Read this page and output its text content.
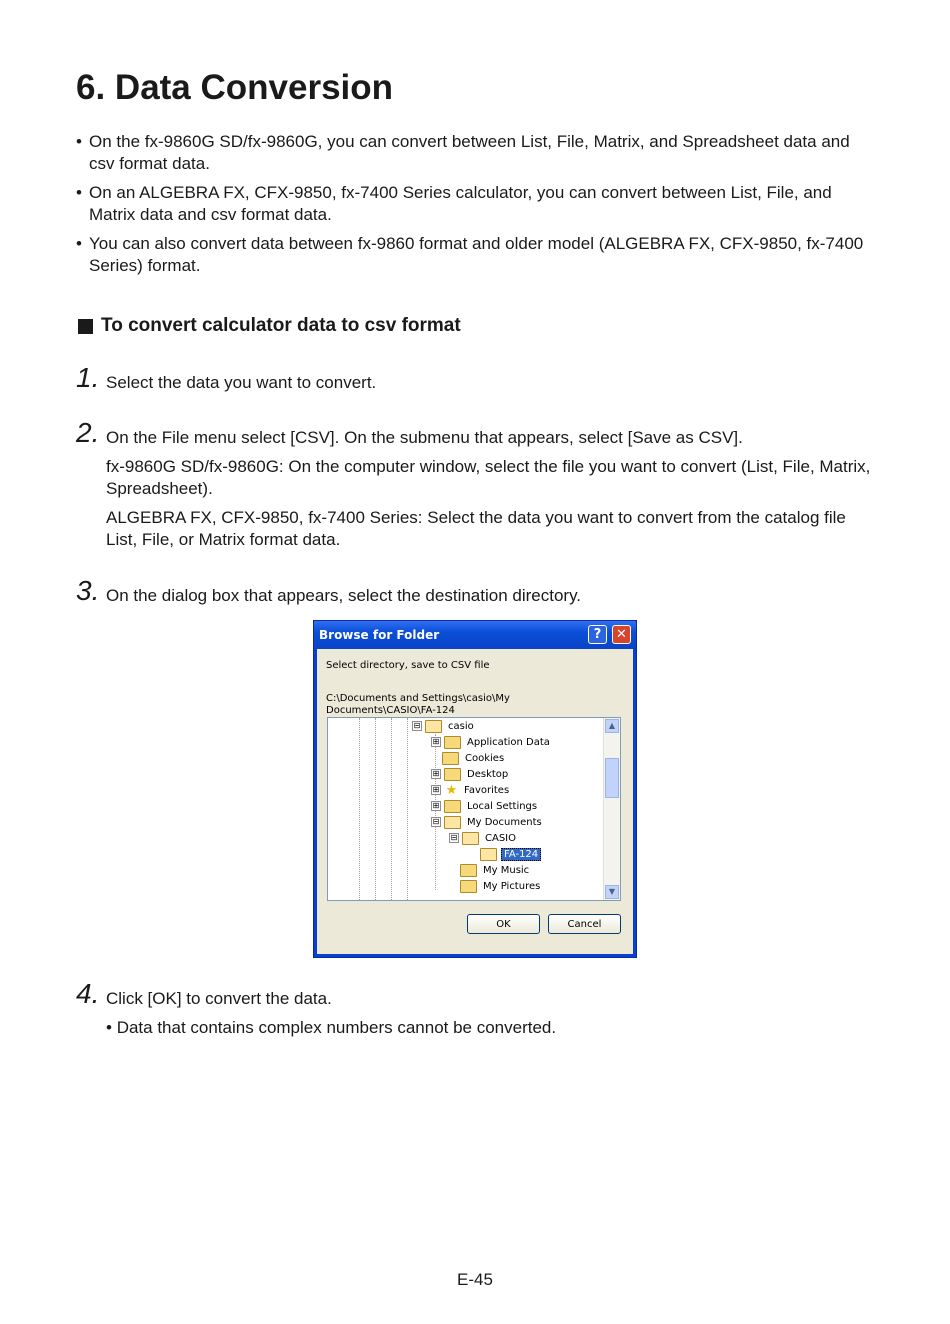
6. Data Conversion
• On the fx-9860G SD/fx-9860G, you can convert between List, File, Matrix, and Spreadsheet data and csv format data.
• On an ALGEBRA FX, CFX-9850, fx-7400 Series calculator, you can convert between List, File, and Matrix data and csv format data.
• You can also convert data between fx-9860 format and older model (ALGEBRA FX, CFX-9850, fx-7400 Series) format.
To convert calculator data to csv format
1. Select the data you want to convert.
2. On the File menu select [CSV]. On the submenu that appears, select [Save as CSV].
fx-9860G SD/fx-9860G: On the computer window, select the file you want to convert (List, File, Matrix, Spreadsheet).
ALGEBRA FX, CFX-9850, fx-7400 Series: Select the data you want to convert from the catalog file List, File, or Matrix format data.
3. On the dialog box that appears, select the destination directory.
Browse for Folder	?	✕
Select directory, save to CSV file
C:\Documents and Settings\casio\My Documents\CASIO\FA-124
⊟	casio
⊞	Application Data
Cookies
⊞	Desktop
⊞ ★ Favorites
⊞	Local Settings
⊟	My Documents
⊟	CASIO
FA-124
My Music
My Pictures
▲
▼
OK	Cancel
4. Click [OK] to convert the data.
• Data that contains complex numbers cannot be converted.
E-45
